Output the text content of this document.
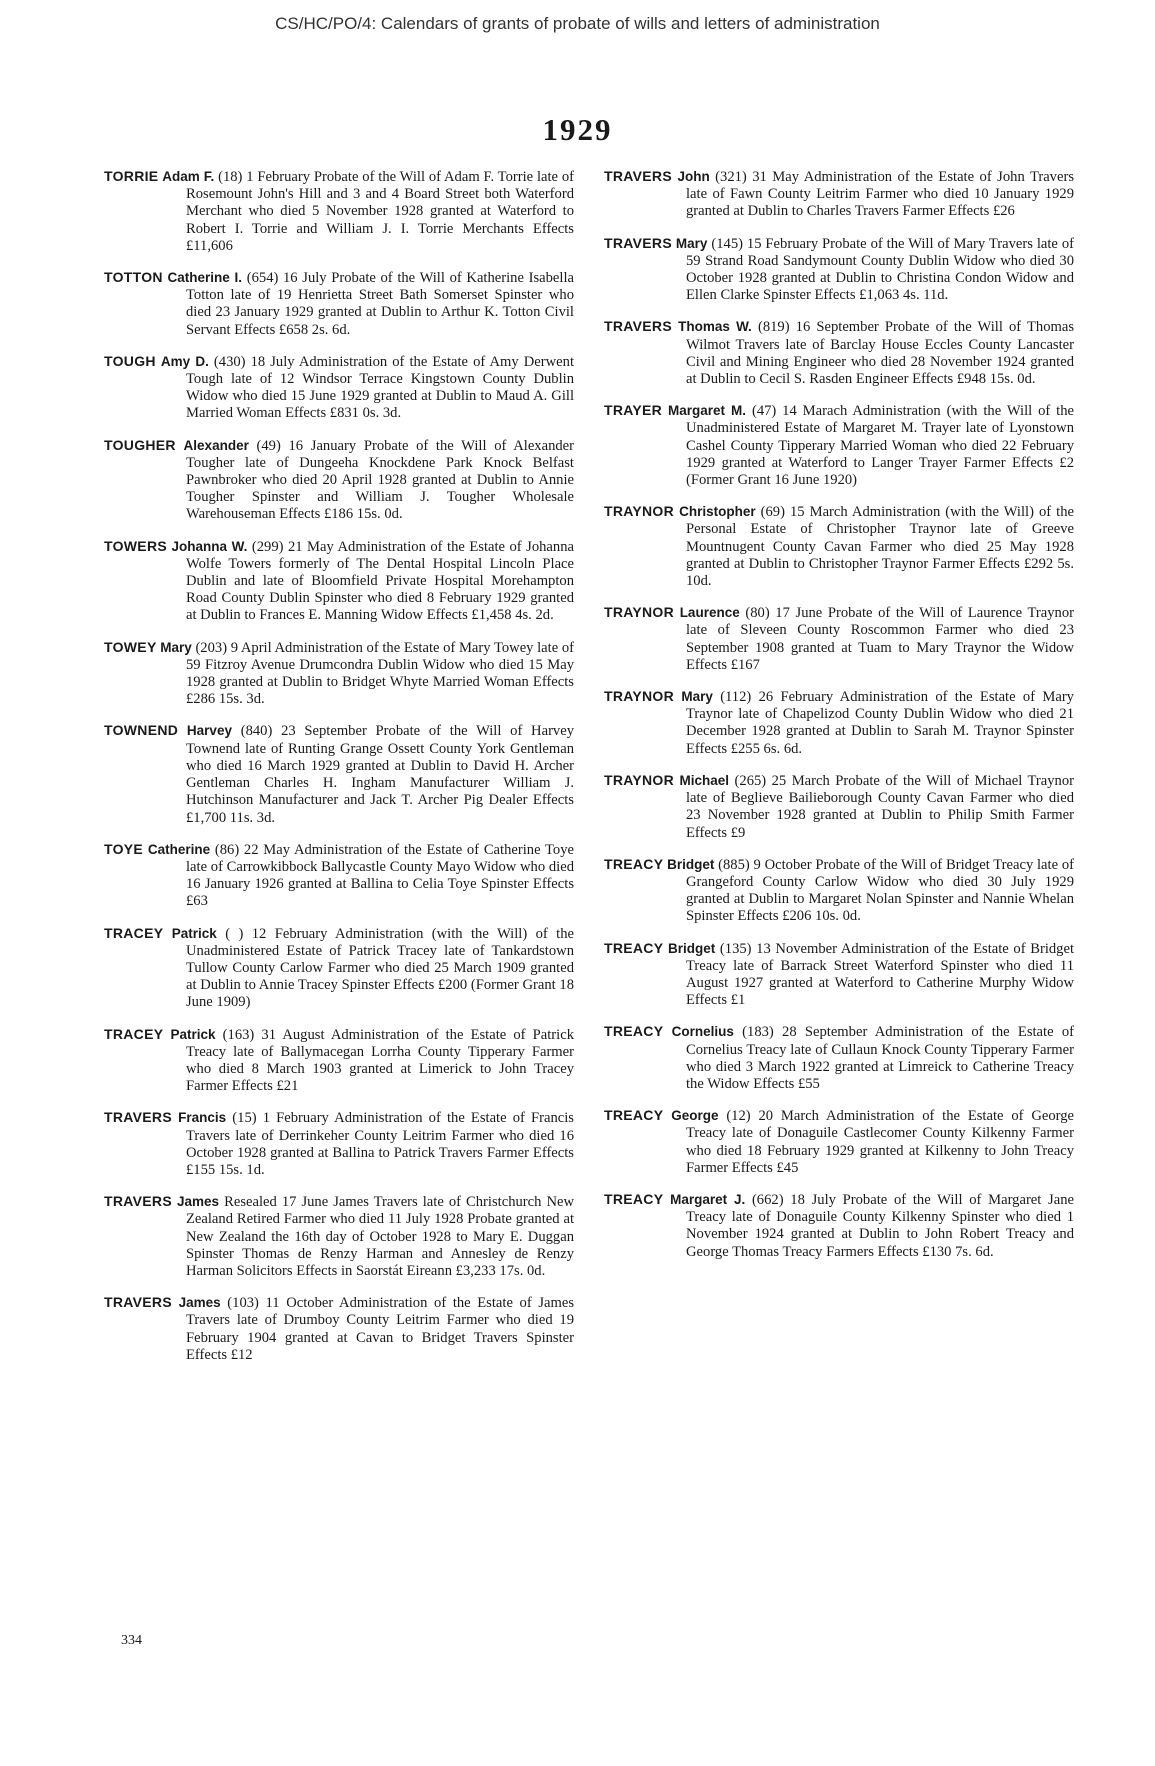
CS/HC/PO/4: Calendars of grants of probate of wills and letters of administration
1929

TORRIE Adam F. (18) 1 February Probate of the Will of Adam F. Torrie late of Rosemount John's Hill and 3 and 4 Board Street both Waterford Merchant who died 5 November 1928 granted at Waterford to Robert I. Torrie and William J. I. Torrie Merchants Effects £11,606

TOTTON Catherine I. (654) 16 July Probate of the Will of Katherine Isabella Totton late of 19 Henrietta Street Bath Somerset Spinster who died 23 January 1929 granted at Dublin to Arthur K. Totton Civil Servant Effects £658 2s. 6d.

TOUGH Amy D. (430) 18 July Administration of the Estate of Amy Derwent Tough late of 12 Windsor Terrace Kingstown County Dublin Widow who died 15 June 1929 granted at Dublin to Maud A. Gill Married Woman Effects £831 0s. 3d.

TOUGHER Alexander (49) 16 January Probate of the Will of Alexander Tougher late of Dungeeha Knockdene Park Knock Belfast Pawnbroker who died 20 April 1928 granted at Dublin to Annie Tougher Spinster and William J. Tougher Wholesale Warehouseman Effects £186 15s. 0d.

TOWERS Johanna W. (299) 21 May Administration of the Estate of Johanna Wolfe Towers formerly of The Dental Hospital Lincoln Place Dublin and late of Bloomfield Private Hospital Morehampton Road County Dublin Spinster who died 8 February 1929 granted at Dublin to Frances E. Manning Widow Effects £1,458 4s. 2d.

TOWEY Mary (203) 9 April Administration of the Estate of Mary Towey late of 59 Fitzroy Avenue Drumcondra Dublin Widow who died 15 May 1928 granted at Dublin to Bridget Whyte Married Woman Effects £286 15s. 3d.

TOWNEND Harvey (840) 23 September Probate of the Will of Harvey Townend late of Runting Grange Ossett County York Gentleman who died 16 March 1929 granted at Dublin to David H. Archer Gentleman Charles H. Ingham Manufacturer William J. Hutchinson Manufacturer and Jack T. Archer Pig Dealer Effects £1,700 11s. 3d.

TOYE Catherine (86) 22 May Administration of the Estate of Catherine Toye late of Carrowkibbock Ballycastle County Mayo Widow who died 16 January 1926 granted at Ballina to Celia Toye Spinster Effects £63

TRACEY Patrick ( ) 12 February Administration (with the Will) of the Unadministered Estate of Patrick Tracey late of Tankardstown Tullow County Carlow Farmer who died 25 March 1909 granted at Dublin to Annie Tracey Spinster Effects £200 (Former Grant 18 June 1909)

TRACEY Patrick (163) 31 August Administration of the Estate of Patrick Treacy late of Ballymacegan Lorrha County Tipperary Farmer who died 8 March 1903 granted at Limerick to John Tracey Farmer Effects £21

TRAVERS Francis (15) 1 February Administration of the Estate of Francis Travers late of Derrinkeher County Leitrim Farmer who died 16 October 1928 granted at Ballina to Patrick Travers Farmer Effects £155 15s. 1d.

TRAVERS James Resealed 17 June James Travers late of Christchurch New Zealand Retired Farmer who died 11 July 1928 Probate granted at New Zealand the 16th day of October 1928 to Mary E. Duggan Spinster Thomas de Renzy Harman and Annesley de Renzy Harman Solicitors Effects in Saorstát Eireann £3,233 17s. 0d.

TRAVERS James (103) 11 October Administration of the Estate of James Travers late of Drumboy County Leitrim Farmer who died 19 February 1904 granted at Cavan to Bridget Travers Spinster Effects £12

TRAVERS John (321) 31 May Administration of the Estate of John Travers late of Fawn County Leitrim Farmer who died 10 January 1929 granted at Dublin to Charles Travers Farmer Effects £26

TRAVERS Mary (145) 15 February Probate of the Will of Mary Travers late of 59 Strand Road Sandymount County Dublin Widow who died 30 October 1928 granted at Dublin to Christina Condon Widow and Ellen Clarke Spinster Effects £1,063 4s. 11d.

TRAVERS Thomas W. (819) 16 September Probate of the Will of Thomas Wilmot Travers late of Barclay House Eccles County Lancaster Civil and Mining Engineer who died 28 November 1924 granted at Dublin to Cecil S. Rasden Engineer Effects £948 15s. 0d.

TRAYER Margaret M. (47) 14 Marach Administration (with the Will of the Unadministered Estate of Margaret M. Trayer late of Lyonstown Cashel County Tipperary Married Woman who died 22 February 1929 granted at Waterford to Langer Trayer Farmer Effects £2 (Former Grant 16 June 1920)

TRAYNOR Christopher (69) 15 March Administration (with the Will) of the Personal Estate of Christopher Traynor late of Greeve Mountnugent County Cavan Farmer who died 25 May 1928 granted at Dublin to Christopher Traynor Farmer Effects £292 5s. 10d.

TRAYNOR Laurence (80) 17 June Probate of the Will of Laurence Traynor late of Sleveen County Roscommon Farmer who died 23 September 1908 granted at Tuam to Mary Traynor the Widow Effects £167

TRAYNOR Mary (112) 26 February Administration of the Estate of Mary Traynor late of Chapelizod County Dublin Widow who died 21 December 1928 granted at Dublin to Sarah M. Traynor Spinster Effects £255 6s. 6d.

TRAYNOR Michael (265) 25 March Probate of the Will of Michael Traynor late of Beglieve Bailieborough County Cavan Farmer who died 23 November 1928 granted at Dublin to Philip Smith Farmer Effects £9

TREACY Bridget (885) 9 October Probate of the Will of Bridget Treacy late of Grangeford County Carlow Widow who died 30 July 1929 granted at Dublin to Margaret Nolan Spinster and Nannie Whelan Spinster Effects £206 10s. 0d.

TREACY Bridget (135) 13 November Administration of the Estate of Bridget Treacy late of Barrack Street Waterford Spinster who died 11 August 1927 granted at Waterford to Catherine Murphy Widow Effects £1

TREACY Cornelius (183) 28 September Administration of the Estate of Cornelius Treacy late of Cullaun Knock County Tipperary Farmer who died 3 March 1922 granted at Limreick to Catherine Treacy the Widow Effects £55

TREACY George (12) 20 March Administration of the Estate of George Treacy late of Donaguile Castlecomer County Kilkenny Farmer who died 18 February 1929 granted at Kilkenny to John Treacy Farmer Effects £45

TREACY Margaret J. (662) 18 July Probate of the Will of Margaret Jane Treacy late of Donaguile County Kilkenny Spinster who died 1 November 1924 granted at Dublin to John Robert Treacy and George Thomas Treacy Farmers Effects £130 7s. 6d.

334
